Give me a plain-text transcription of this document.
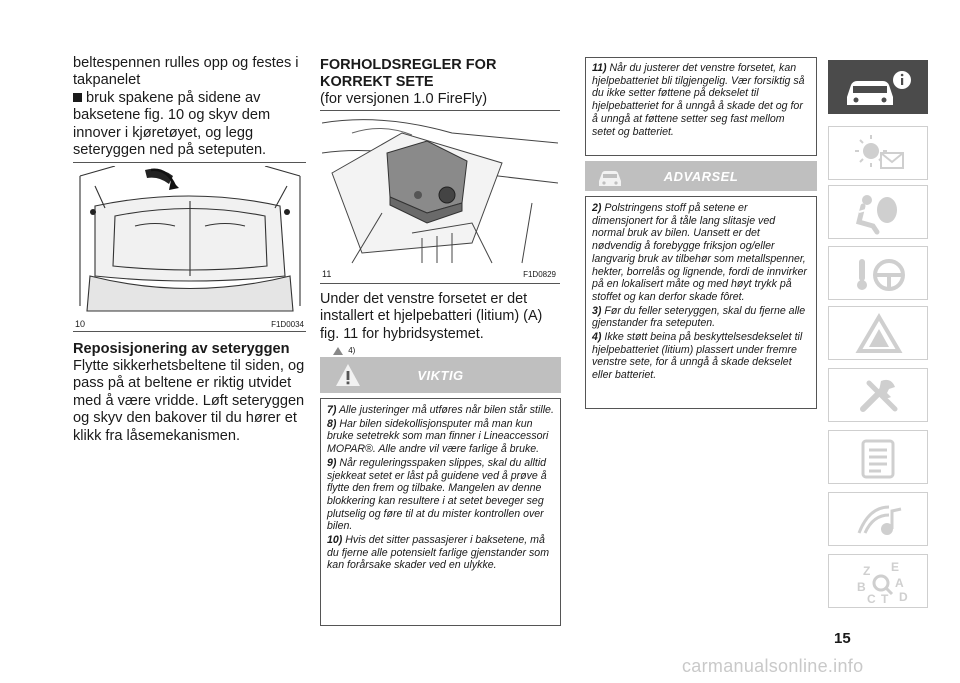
beltespennen rulles opp og festes i

takpanelet

bruk spakene på sidene av

baksetene fig. 10 og skyv dem innover i kjøretøyet, og legg seteryggen ned på seteputen.

10	F1D0034
Reposisjonering av seteryggen

Flytte sikkerhetsbeltene til siden, og pass på at beltene er riktig utvidet med å være vridde. Løft seteryggen og skyv den bakover til du hører et klikk fra låsemekanismen.

FORHOLDSREGLER FOR
KORREKT SETE

(for versjonen 1.0 FireFly)

11	F1D0829

Under det venstre forsetet er det installert et hjelpebatteri (litium) (A) fig. 11 for hybridsystemet.

4)
VIKTIG

7) Alle justeringer må utføres når bilen står stille.

8) Har bilen sidekollisjonsputer må man kun bruke setetrekk som man finner i Lineaccessori MOPAR®. Alle andre vil være farlige å bruke.

9) Når reguleringsspaken slippes, skal du alltid sjekkeat setet er låst på guidene ved å prøve å flytte den frem og tilbake. Mangelen av denne blokkering kan resultere i at setet beveger seg plutselig og føre til at du mister kontrollen over bilen.

10) Hvis det sitter passasjerer i baksetene, må du fjerne alle potensielt farlige gjenstander som kan forårsake skader ved en ulykke.

11) Når du justerer det venstre forsetet, kan hjelpebatteriet bli tilgjengelig. Vær forsiktig så du ikke setter føttene på dekselet til hjelpebatteriet for å unngå å skade det og for å unngå at føttene setter seg fast mellom setet og batteriet.

ADVARSEL

2) Polstringens stoff på setene er dimensjonert for å tåle lang slitasje ved normal bruk av bilen. Uansett er det nødvendig å forebygge friksjon og/eller langvarig bruk av tilbehør som metallspenner, hekter, borrelås og lignende, fordi de innvirker på en lokalisert måte og med høyt trykk på stoffet og kan derfor skade fôret.

3) Før du feller seteryggen, skal du fjerne alle gjenstander fra seteputen.

4) Ikke støtt beina på beskyttelsesdekselet til hjelpebatteriet (litium) plassert under fremre venstre sete, for å unngå å skade dekselet eller batteriet.

Z E
B A
C T D
15
carmanualsonline.info
